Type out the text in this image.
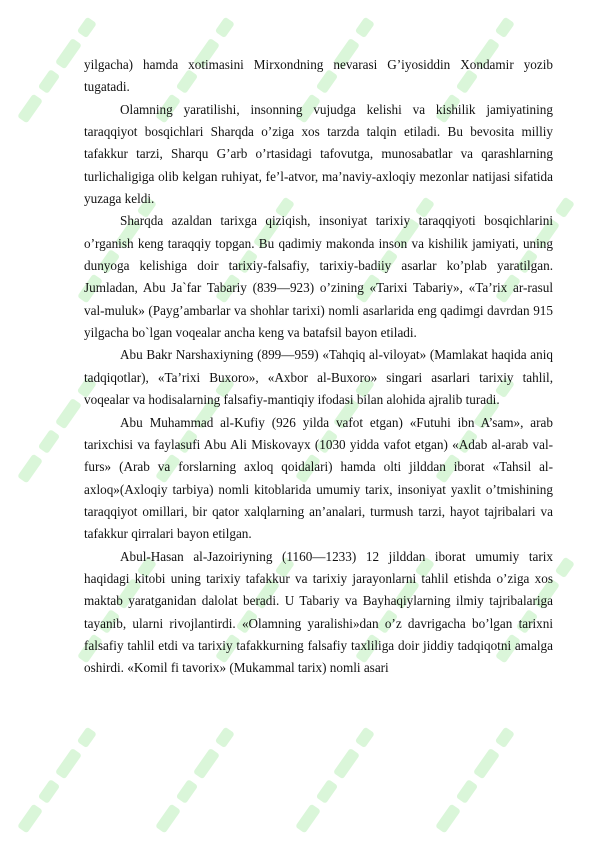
yilgacha) hamda xotimasini Mirxondning nevarasi G’iyosiddin Xondamir yozib tugatadi.

Olamning yaratilishi, insonning vujudga kelishi va kishilik jamiyatining taraqqiyot bosqichlari Sharqda o’ziga xos tarzda talqin etiladi. Bu bevosita milliy tafakkur tarzi, Sharqu G’arb o’rtasidagi tafovutga, munosabatlar va qarashlarning turlichaligiga olib kelgan ruhiyat, fe’l-atvor, ma’naviy-axloqiy mezonlar natijasi sifatida yuzaga keldi.

Sharqda azaldan tarixga qiziqish, insoniyat tarixiy taraqqiyoti bosqichlarini o’rganish keng taraqqiy topgan. Bu qadimiy makonda inson va kishilik jamiyati, uning dunyoga kelishiga doir tarixiy-falsafiy, tarixiy-badiiy asarlar ko’plab yaratilgan. Jumladan, Abu Ja`far Tabariy (839—923) o’zining «Tarixi Tabariy», «Ta’rix ar-rasul val-muluk» (Payg’ambarlar va shohlar tarixi) nomli asarlarida eng qadimgi davrdan 915 yilgacha bo`lgan voqealar ancha keng va batafsil bayon etiladi.

Abu Bakr Narshaxiyning (899—959) «Tahqiq al-viloyat» (Mamlakat haqida aniq tadqiqotlar), «Ta’rixi Buxoro», «Axbor al-Buxoro» singari asarlari tarixiy tahlil, voqealar va hodisalarning falsafiy-mantiqiy ifodasi bilan alohida ajralib turadi.

Abu Muhammad al-Kufiy (926 yilda vafot etgan) «Futuhi ibn A’sam», arab tarixchisi va faylasufi Abu Ali Miskovayx (1030 yidda vafot etgan) «Adab al-arab val-furs» (Arab va forslarning axloq qoidalari) hamda olti jilddan iborat «Tahsil al-axloq»(Axloqiy tarbiya) nomli kitoblarida umumiy tarix, insoniyat yaxlit o’tmishining taraqqiyot omillari, bir qator xalqlarning an’analari, turmush tarzi, hayot tajribalari va tafakkur qirralari bayon etilgan.

Abul-Hasan al-Jazoiriyning (1160—1233) 12 jilddan iborat umumiy tarix haqidagi kitobi uning tarixiy tafakkur va tarixiy jarayonlarni tahlil etishda o’ziga xos maktab yaratganidan dalolat beradi. U Tabariy va Bayhaqiylarning ilmiy tajribalariga tayanib, ularni rivojlantirdi. «Olamning yaralishi»dan o’z davrigacha bo’lgan tarixni falsafiy tahlil etdi va tarixiy tafakkurning falsafiy taxliliga doir jiddiy tadqiqotni amalga oshirdi. «Komil fi tavorix» (Mukammal tarix) nomli asari
